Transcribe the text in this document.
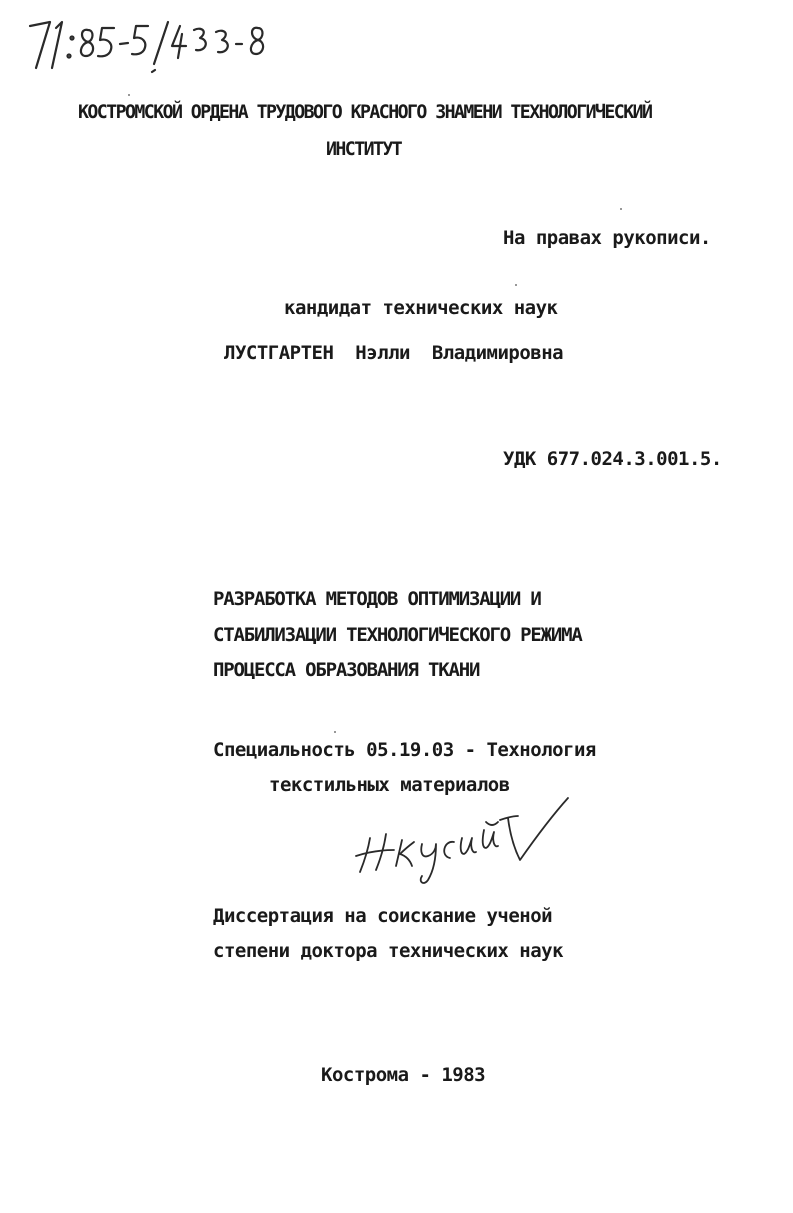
КОСТРОМСКОЙ ОРДЕНА ТРУДОВОГО КРАСНОГО ЗНАМЕНИ ТЕХНОЛОГИЧЕСКИЙ
ИНСТИТУТ
На правах рукописи.
кандидат технических наук
ЛУСТГАРТЕН  Нэлли  Владимировна
УДК 677.024.3.001.5.
РАЗРАБОТКА МЕТОДОВ ОПТИМИЗАЦИИ И
СТАБИЛИЗАЦИИ ТЕХНОЛОГИЧЕСКОГО РЕЖИМА
ПРОЦЕССА ОБРАЗОВАНИЯ ТКАНИ
Специальность 05.19.03 - Технология
текстильных материалов
Диссертация на соискание ученой
степени доктора технических наук
Кострома - 1983
